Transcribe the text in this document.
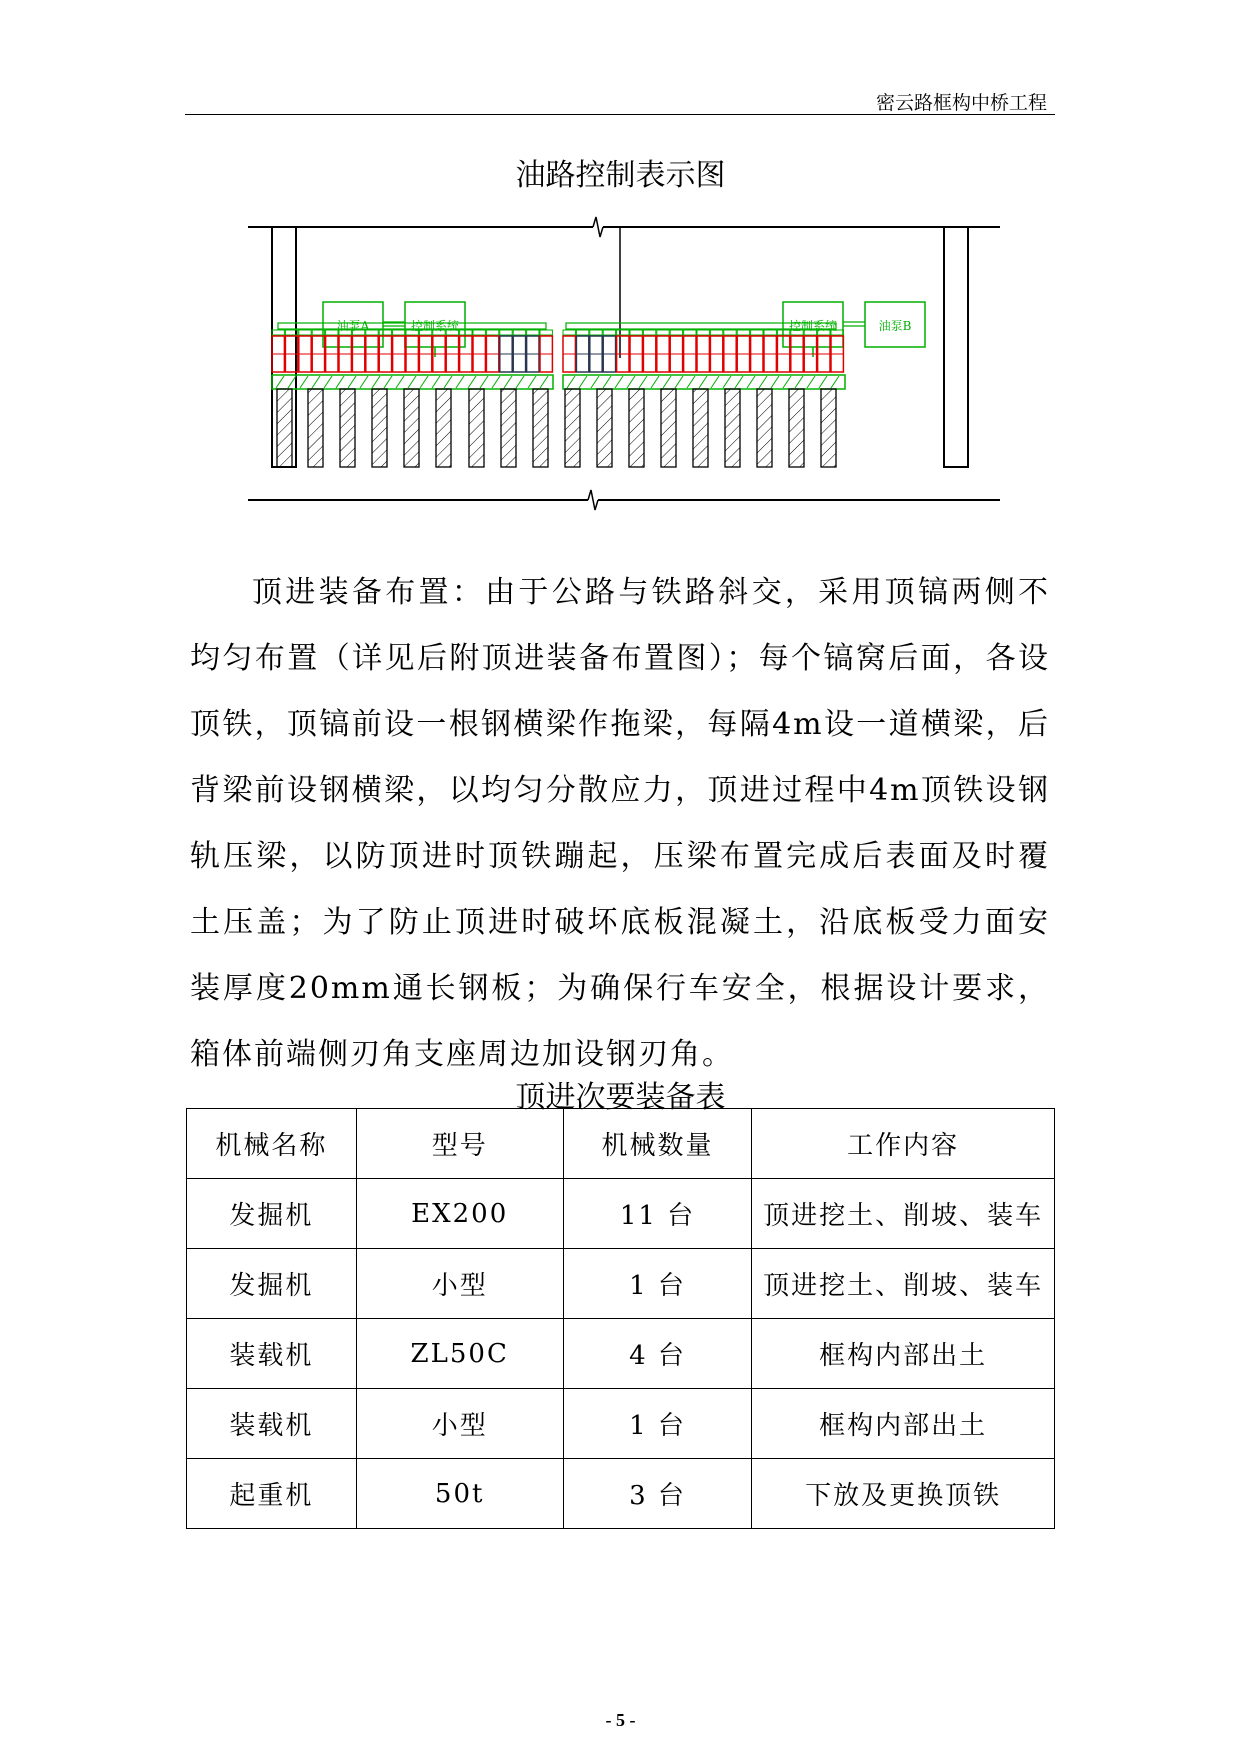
密云路框构中桥工程
油路控制表示图
油泵A	控制系统	控制系统	油泵B

顶进装备布置：由于公路与铁路斜交，采用顶镐两侧不均匀布置（详见后附顶进装备布置图）；每个镐窝后面，各设顶铁，顶镐前设一根钢横梁作拖梁，每隔4m设一道横梁，后背梁前设钢横梁，以均匀分散应力，顶进过程中4m顶铁设钢轨压梁，以防顶进时顶铁蹦起，压梁布置完成后表面及时覆土压盖；为了防止顶进时破坏底板混凝土，沿底板受力面安装厚度20mm通长钢板；为确保行车安全，根据设计要求，箱体前端侧刃角支座周边加设钢刃角。

顶进次要装备表
机械名称	型号	机械数量	工作内容
发掘机	EX200	11 台	顶进挖土、削坡、装车
发掘机	小型	1 台	顶进挖土、削坡、装车
装载机	ZL50C	4 台	框构内部出土
装载机	小型	1 台	框构内部出土
起重机	50t	3 台	下放及更换顶铁
- 5 -
